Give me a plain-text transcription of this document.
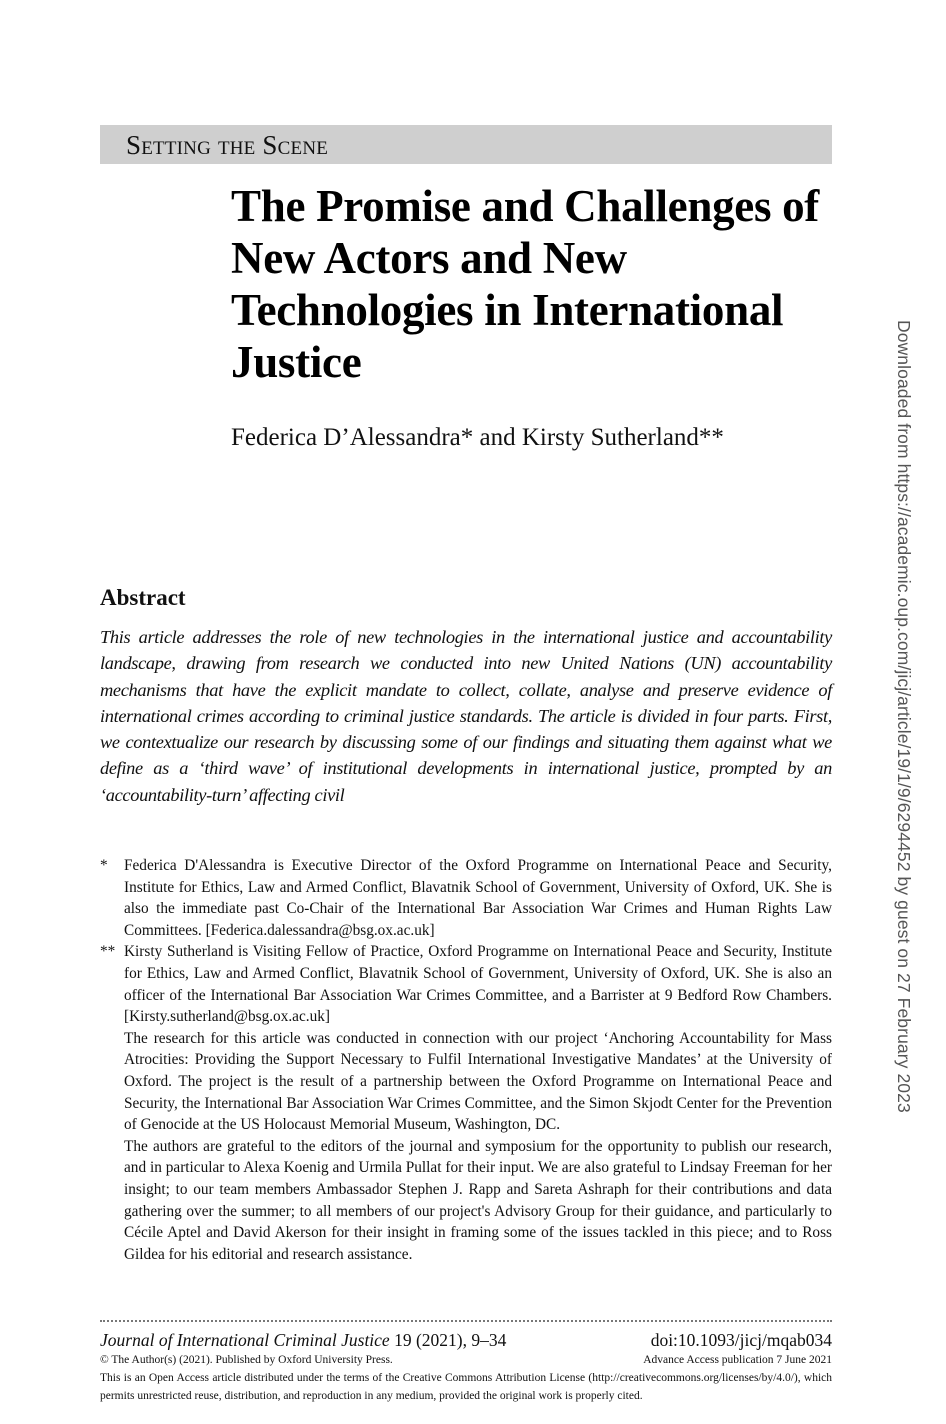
Setting the Scene
The Promise and Challenges of New Actors and New Technologies in International Justice
Federica D’Alessandra* and Kirsty Sutherland**
Abstract

This article addresses the role of new technologies in the international justice and accountability landscape, drawing from research we conducted into new United Nations (UN) accountability mechanisms that have the explicit mandate to collect, collate, analyse and preserve evidence of international crimes according to criminal justice standards. The article is divided in four parts. First, we contextualize our research by discussing some of our findings and situating them against what we define as a ‘third wave’ of institutional developments in international justice, prompted by an ‘accountability-turn’ affecting civil

* Federica D'Alessandra is Executive Director of the Oxford Programme on International Peace and Security, Institute for Ethics, Law and Armed Conflict, Blavatnik School of Government, University of Oxford, UK. She is also the immediate past Co-Chair of the International Bar Association War Crimes and Human Rights Law Committees. [Federica.dalessandra@bsg.ox.ac.uk]
** Kirsty Sutherland is Visiting Fellow of Practice, Oxford Programme on International Peace and Security, Institute for Ethics, Law and Armed Conflict, Blavatnik School of Government, University of Oxford, UK. She is also an officer of the International Bar Association War Crimes Committee, and a Barrister at 9 Bedford Row Chambers. [Kirsty.sutherland@bsg.ox.ac.uk]
The research for this article was conducted in connection with our project ‘Anchoring Accountability for Mass Atrocities: Providing the Support Necessary to Fulfil International Investigative Mandates’ at the University of Oxford. The project is the result of a partnership between the Oxford Programme on International Peace and Security, the International Bar Association War Crimes Committee, and the Simon Skjodt Center for the Prevention of Genocide at the US Holocaust Memorial Museum, Washington, DC.
The authors are grateful to the editors of the journal and symposium for the opportunity to publish our research, and in particular to Alexa Koenig and Urmila Pullat for their input. We are also grateful to Lindsay Freeman for her insight; to our team members Ambassador Stephen J. Rapp and Sareta Ashraph for their contributions and data gathering over the summer; to all members of our project's Advisory Group for their guidance, and particularly to Cécile Aptel and David Akerson for their insight in framing some of the issues tackled in this piece; and to Ross Gildea for his editorial and research assistance.
Journal of International Criminal Justice 19 (2021), 9–34	doi:10.1093/jicj/mqab034
© The Author(s) (2021). Published by Oxford University Press.	Advance Access publication 7 June 2021
This is an Open Access article distributed under the terms of the Creative Commons Attribution License (http://creativecommons.org/licenses/by/4.0/), which permits unrestricted reuse, distribution, and reproduction in any medium, provided the original work is properly cited.
Downloaded from https://academic.oup.com/jicj/article/19/1/9/6294452 by guest on 27 February 2023
